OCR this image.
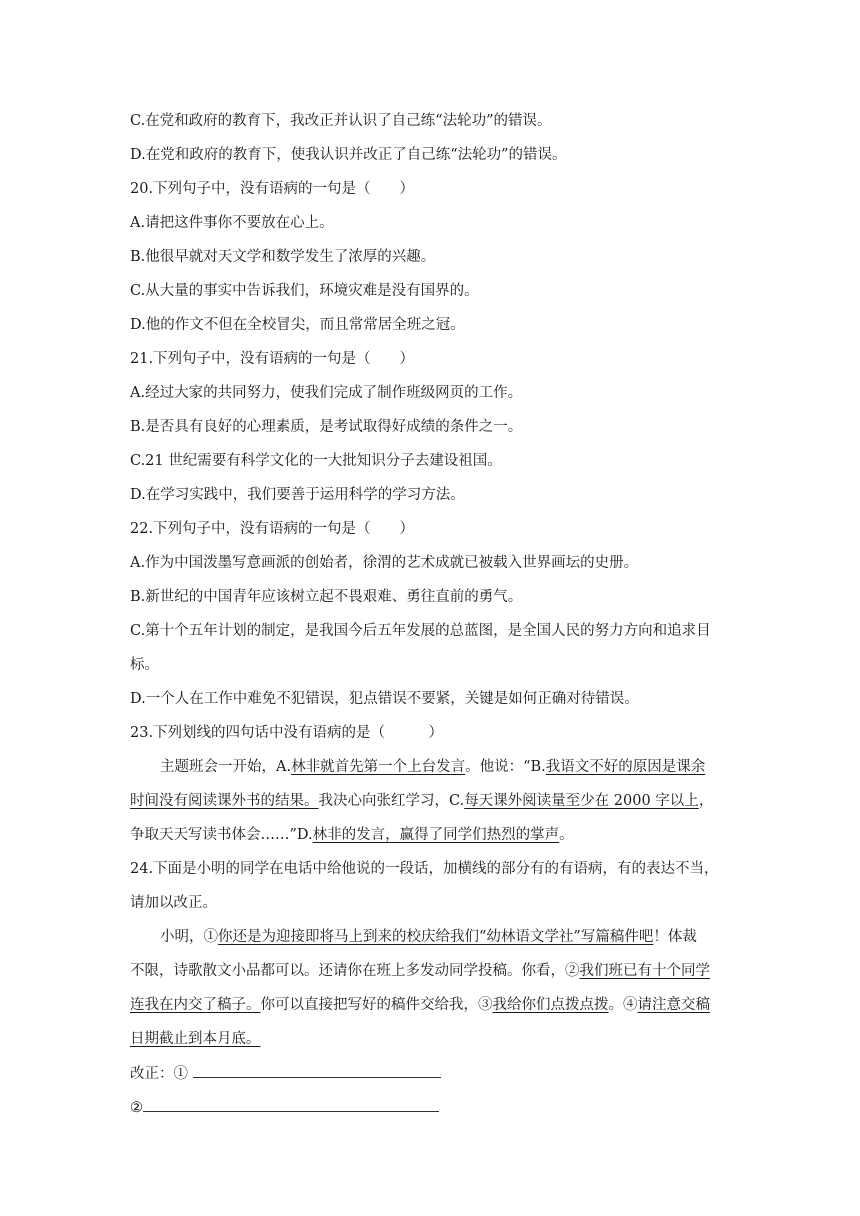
C.在党和政府的教育下，我改正并认识了自己练“法轮功”的错误。
D.在党和政府的教育下，使我认识并改正了自己练“法轮功”的错误。
20.下列句子中，没有语病的一句是（　　）
A.请把这件事你不要放在心上。
B.他很早就对天文学和数学发生了浓厚的兴趣。
C.从大量的事实中告诉我们，环境灾难是没有国界的。
D.他的作文不但在全校冒尖，而且常常居全班之冠。
21.下列句子中，没有语病的一句是（　　）
A.经过大家的共同努力，使我们完成了制作班级网页的工作。
B.是否具有良好的心理素质，是考试取得好成绩的条件之一。
C.21 世纪需要有科学文化的一大批知识分子去建设祖国。
D.在学习实践中，我们要善于运用科学的学习方法。
22.下列句子中，没有语病的一句是（　　）
A.作为中国泼墨写意画派的创始者，徐渭的艺术成就已被载入世界画坛的史册。
B.新世纪的中国青年应该树立起不畏艰难、勇往直前的勇气。
C.第十个五年计划的制定，是我国今后五年发展的总蓝图，是全国人民的努力方向和追求目
标。
D.一个人在工作中难免不犯错误，犯点错误不要紧，关键是如何正确对待错误。
23.下列划线的四句话中没有语病的是（　　　）
主题班会一开始，A.林非就首先第一个上台发言。他说：“B.我语文不好的原因是课余
时间没有阅读课外书的结果。我决心向张红学习，C.每天课外阅读量至少在 2000 字以上，
争取天天写读书体会……”D.林非的发言，赢得了同学们热烈的掌声。
24.下面是小明的同学在电话中给他说的一段话，加横线的部分有的有语病，有的表达不当，
请加以改正。
小明，①你还是为迎接即将马上到来的校庆给我们“幼林语文学社”写篇稿件吧！体裁
不限，诗歌散文小品都可以。还请你在班上多发动同学投稿。你看，②我们班已有十个同学
连我在内交了稿子。你可以直接把写好的稿件交给我，③我给你们点拨点拨。④请注意交稿
日期截止到本月底。
改正：①
②
